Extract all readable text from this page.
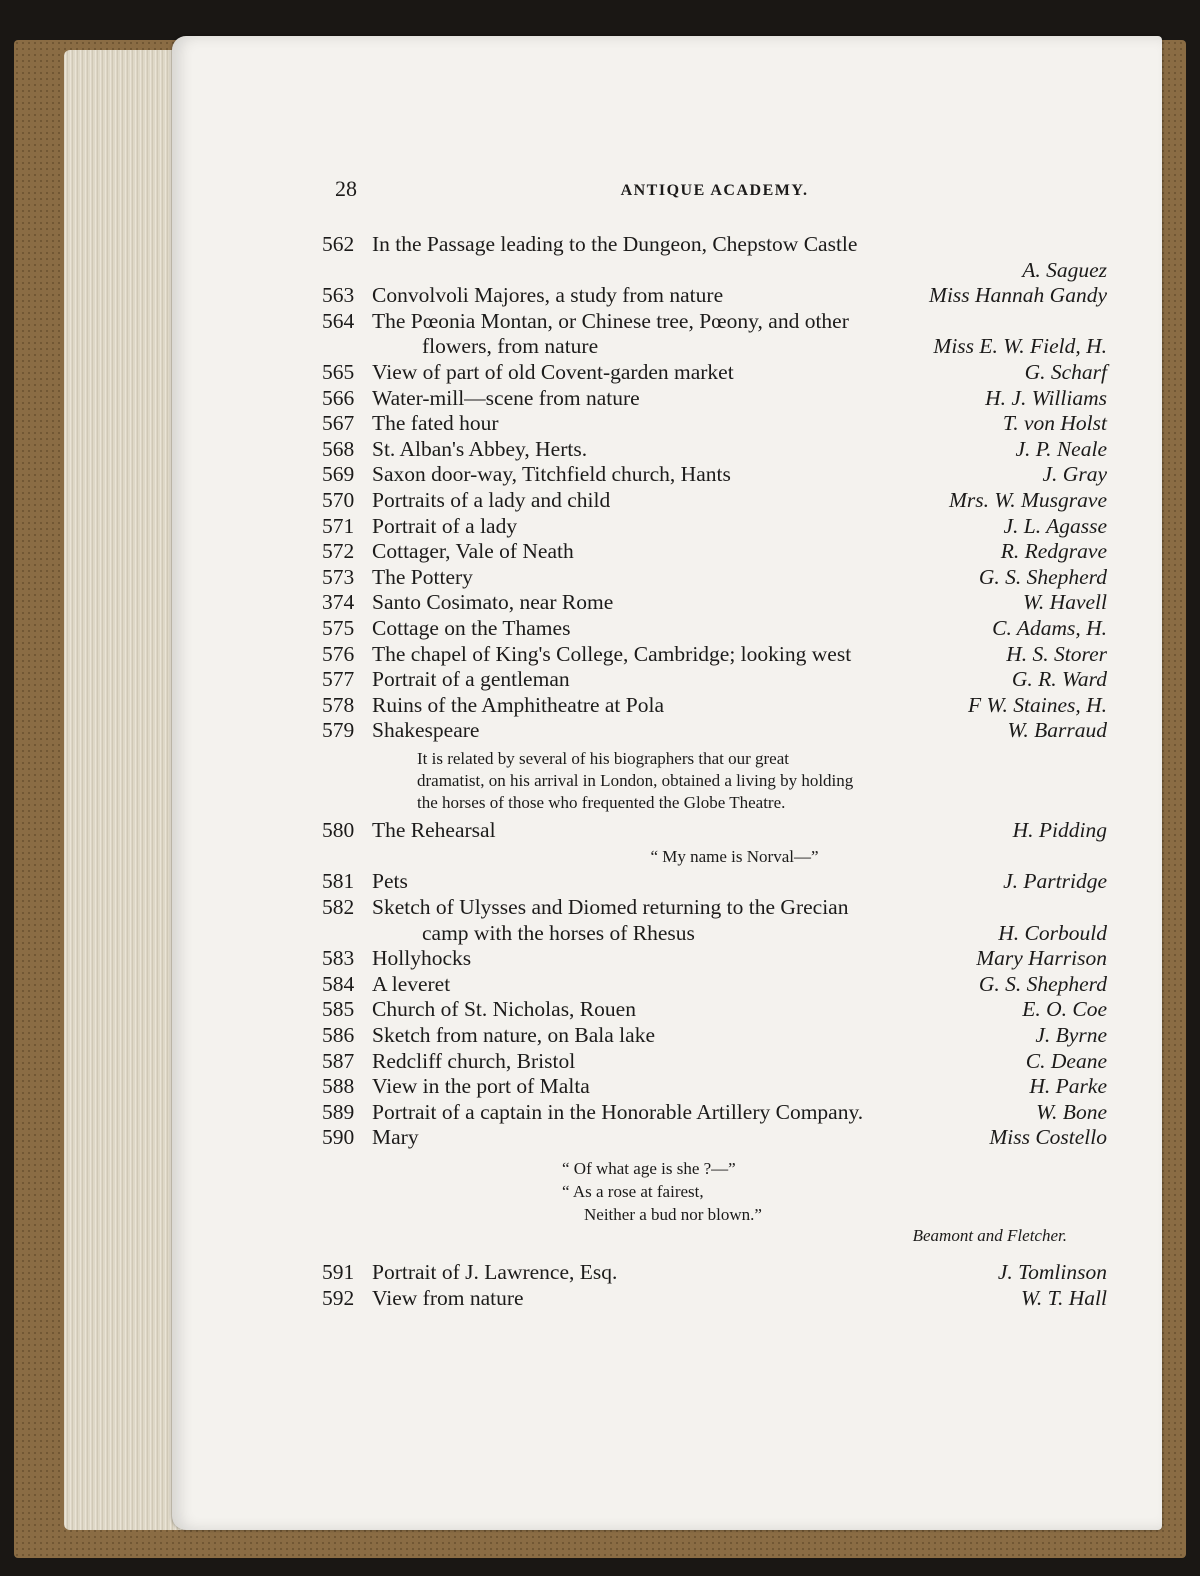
28	ANTIQUE ACADEMY.
562 In the Passage leading to the Dungeon, Chepstow Castle
A. Saguez
563 Convolvoli Majores, a study from nature	Miss Hannah Gandy
564 The Pœonia Montan, or Chinese tree, Pœony, and other
flowers, from nature	Miss E. W. Field, H.
565 View of part of old Covent-garden market	G. Scharf
566 Water-mill—scene from nature	H. J. Williams
567 The fated hour	T. von Holst
568 St. Alban's Abbey, Herts.	J. P. Neale
569 Saxon door-way, Titchfield church, Hants	J. Gray
570 Portraits of a lady and child	Mrs. W. Musgrave
571 Portrait of a lady	J. L. Agasse
572 Cottager, Vale of Neath	R. Redgrave
573 The Pottery	G. S. Shepherd
374 Santo Cosimato, near Rome	W. Havell
575 Cottage on the Thames	C. Adams, H.
576 The chapel of King's College, Cambridge; looking west	H. S. Storer
577 Portrait of a gentleman	G. R. Ward
578 Ruins of the Amphitheatre at Pola	F W. Staines, H.
579 Shakespeare	W. Barraud
It is related by several of his biographers that our great
dramatist, on his arrival in London, obtained a living by holding
the horses of those who frequented the Globe Theatre.
580 The Rehearsal	H. Pidding
“ My name is Norval—”
581 Pets	J. Partridge
582 Sketch of Ulysses and Diomed returning to the Grecian
camp with the horses of Rhesus	H. Corbould
583 Hollyhocks	Mary Harrison
584 A leveret	G. S. Shepherd
585 Church of St. Nicholas, Rouen	E. O. Coe
586 Sketch from nature, on Bala lake	J. Byrne
587 Redcliff church, Bristol	C. Deane
588 View in the port of Malta	H. Parke
589 Portrait of a captain in the Honorable Artillery Company.	W. Bone
590 Mary	Miss Costello
“ Of what age is she ?—”
“ As a rose at fairest,
Neither a bud nor blown.”
Beamont and Fletcher.
591 Portrait of J. Lawrence, Esq.	J. Tomlinson
592 View from nature	W. T. Hall
